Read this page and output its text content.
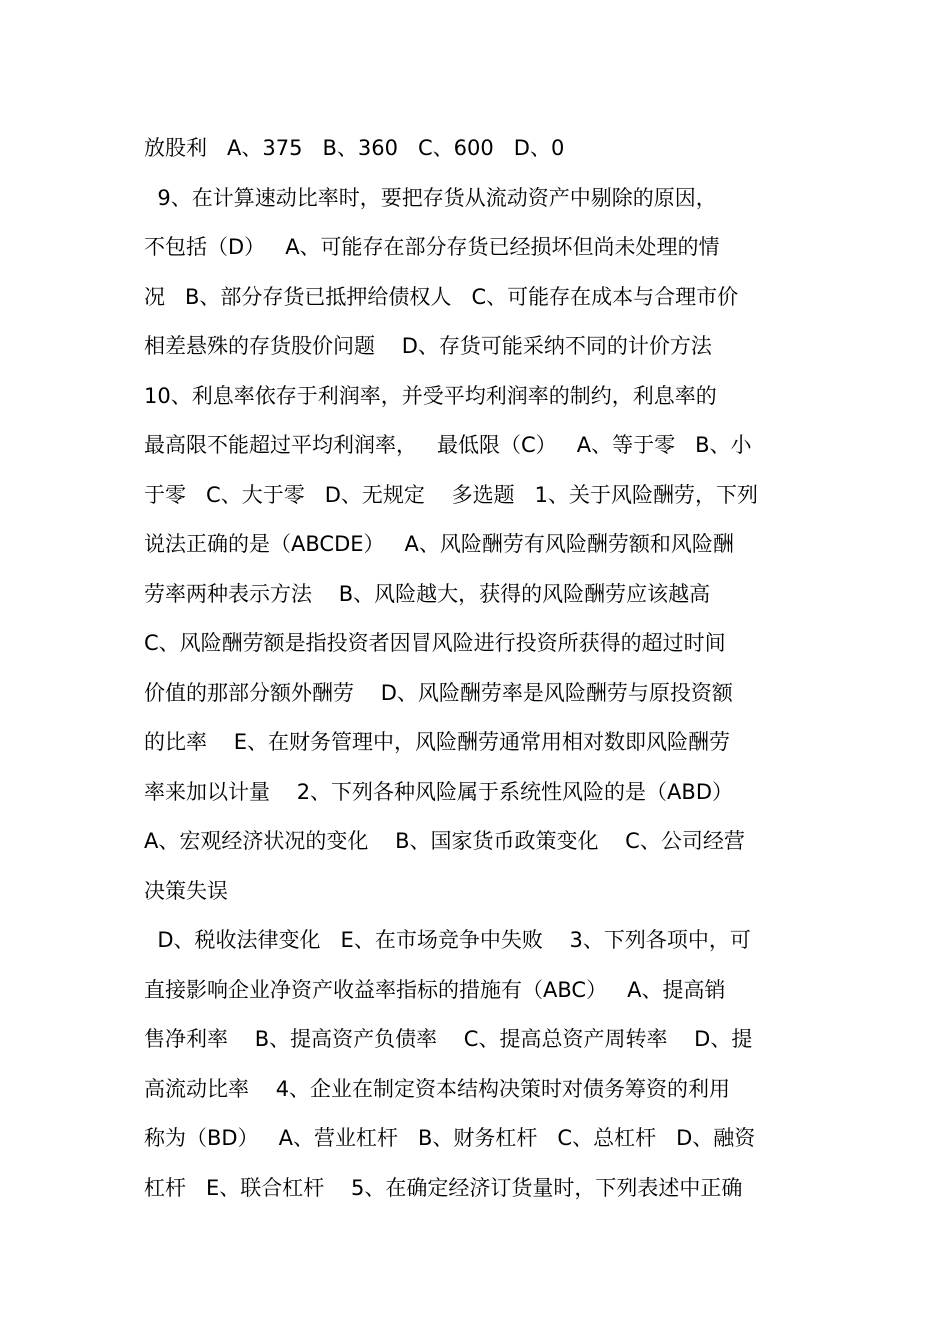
放股利   A、375   B、360   C、600   D、0
9、在计算速动比率时，要把存货从流动资产中剔除的原因，
不包括（D）   A、可能存在部分存货已经损坏但尚未处理的情
况   B、部分存货已抵押给债权人   C、可能存在成本与合理市价
相差悬殊的存货股价问题    D、存货可能采纳不同的计价方法
10、利息率依存于利润率，并受平均利润率的制约，利息率的
最高限不能超过平均利润率，   最低限（C）   A、等于零   B、小
于零   C、大于零   D、无规定    多选题   1、关于风险酬劳，下列
说法正确的是（ABCDE）   A、风险酬劳有风险酬劳额和风险酬
劳率两种表示方法    B、风险越大，获得的风险酬劳应该越高
C、风险酬劳额是指投资者因冒风险进行投资所获得的超过时间
价值的那部分额外酬劳    D、风险酬劳率是风险酬劳与原投资额
的比率    E、在财务管理中，风险酬劳通常用相对数即风险酬劳
率来加以计量    2、下列各种风险属于系统性风险的是（ABD）
A、宏观经济状况的变化    B、国家货币政策变化    C、公司经营
决策失误
D、税收法律变化   E、在市场竞争中失败    3、下列各项中，可
直接影响企业净资产收益率指标的措施有（ABC）   A、提高销
售净利率    B、提高资产负债率    C、提高总资产周转率    D、提
高流动比率    4、企业在制定资本结构决策时对债务筹资的利用
称为（BD）   A、营业杠杆   B、财务杠杆   C、总杠杆   D、融资
杠杆   E、联合杠杆    5、在确定经济订货量时，下列表述中正确
